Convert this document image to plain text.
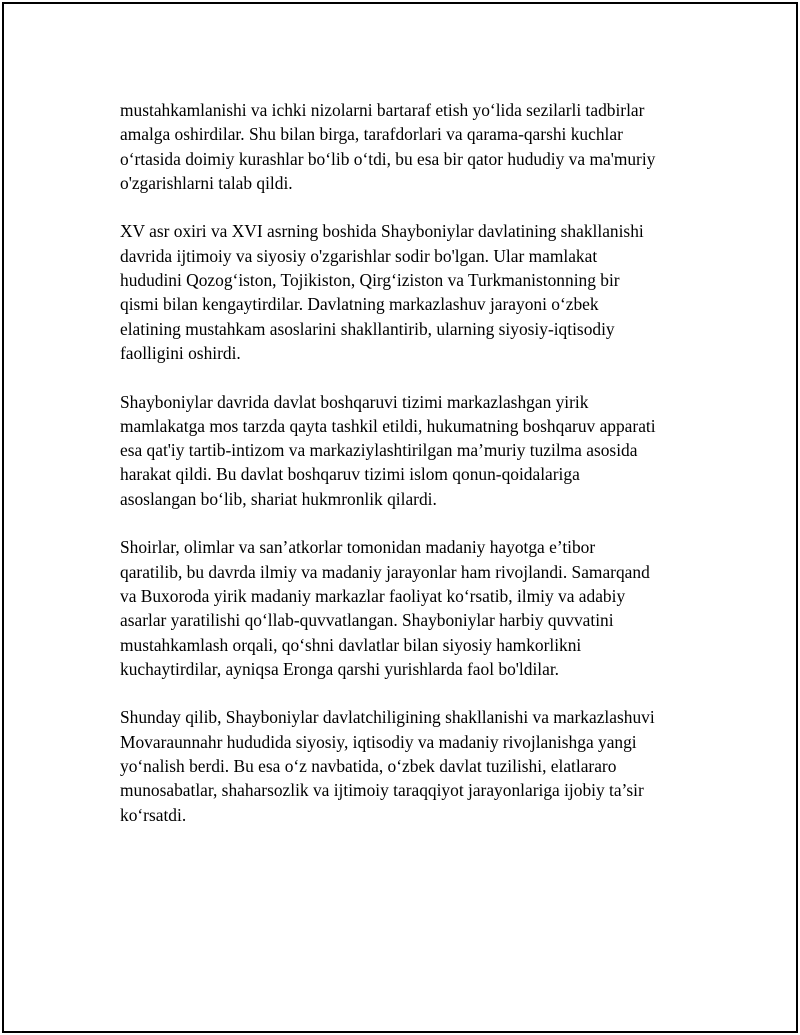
mustahkamlanishi va ichki nizolarni bartaraf etish yo‘lida sezilarli tadbirlar
amalga oshirdilar. Shu bilan birga, tarafdorlari va qarama-qarshi kuchlar
o‘rtasida doimiy kurashlar bo‘lib o‘tdi, bu esa bir qator hududiy va ma'muriy
o'zgarishlarni talab qildi.

XV asr oxiri va XVI asrning boshida Shayboniylar davlatining shakllanishi
davrida ijtimoiy va siyosiy o'zgarishlar sodir bo'lgan. Ular mamlakat
hududini Qozog‘iston, Tojikiston, Qirg‘iziston va Turkmanistonning bir
qismi bilan kengaytirdilar. Davlatning markazlashuv jarayoni o‘zbek
elatining mustahkam asoslarini shakllantirib, ularning siyosiy-iqtisodiy
faolligini oshirdi.

Shayboniylar davrida davlat boshqaruvi tizimi markazlashgan yirik
mamlakatga mos tarzda qayta tashkil etildi, hukumatning boshqaruv apparati
esa qat'iy tartib-intizom va markaziylashtirilgan ma’muriy tuzilma asosida
harakat qildi. Bu davlat boshqaruv tizimi islom qonun-qoidalariga
asoslangan bo‘lib, shariat hukmronlik qilardi.

Shoirlar, olimlar va san’atkorlar tomonidan madaniy hayotga e’tibor
qaratilib, bu davrda ilmiy va madaniy jarayonlar ham rivojlandi. Samarqand
va Buxoroda yirik madaniy markazlar faoliyat ko‘rsatib, ilmiy va adabiy
asarlar yaratilishi qo‘llab-quvvatlangan. Shayboniylar harbiy quvvatini
mustahkamlash orqali, qo‘shni davlatlar bilan siyosiy hamkorlikni
kuchaytirdilar, ayniqsa Eronga qarshi yurishlarda faol bo'ldilar.

Shunday qilib, Shayboniylar davlatchiligining shakllanishi va markazlashuvi
Movaraunnahr hududida siyosiy, iqtisodiy va madaniy rivojlanishga yangi
yo‘nalish berdi. Bu esa o‘z navbatida, o‘zbek davlat tuzilishi, elatlararo
munosabatlar, shaharsozlik va ijtimoiy taraqqiyot jarayonlariga ijobiy ta’sir
ko‘rsatdi.
